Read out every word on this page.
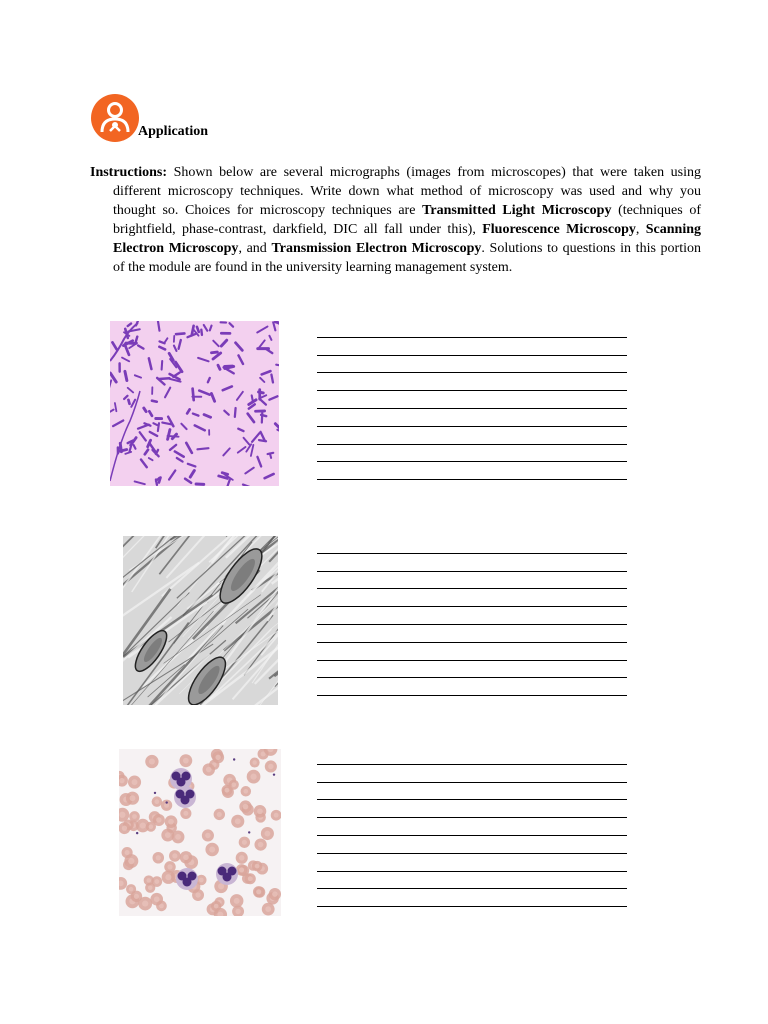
Application
Instructions: Shown below are several micrographs (images from microscopes) that were taken using different microscopy techniques. Write down what method of microscopy was used and why you thought so. Choices for microscopy techniques are Transmitted Light Microscopy (techniques of brightfield, phase-contrast, darkfield, DIC all fall under this), Fluorescence Microscopy, Scanning Electron Microscopy, and Transmission Electron Microscopy. Solutions to questions in this portion of the module are found in the university learning management system.
